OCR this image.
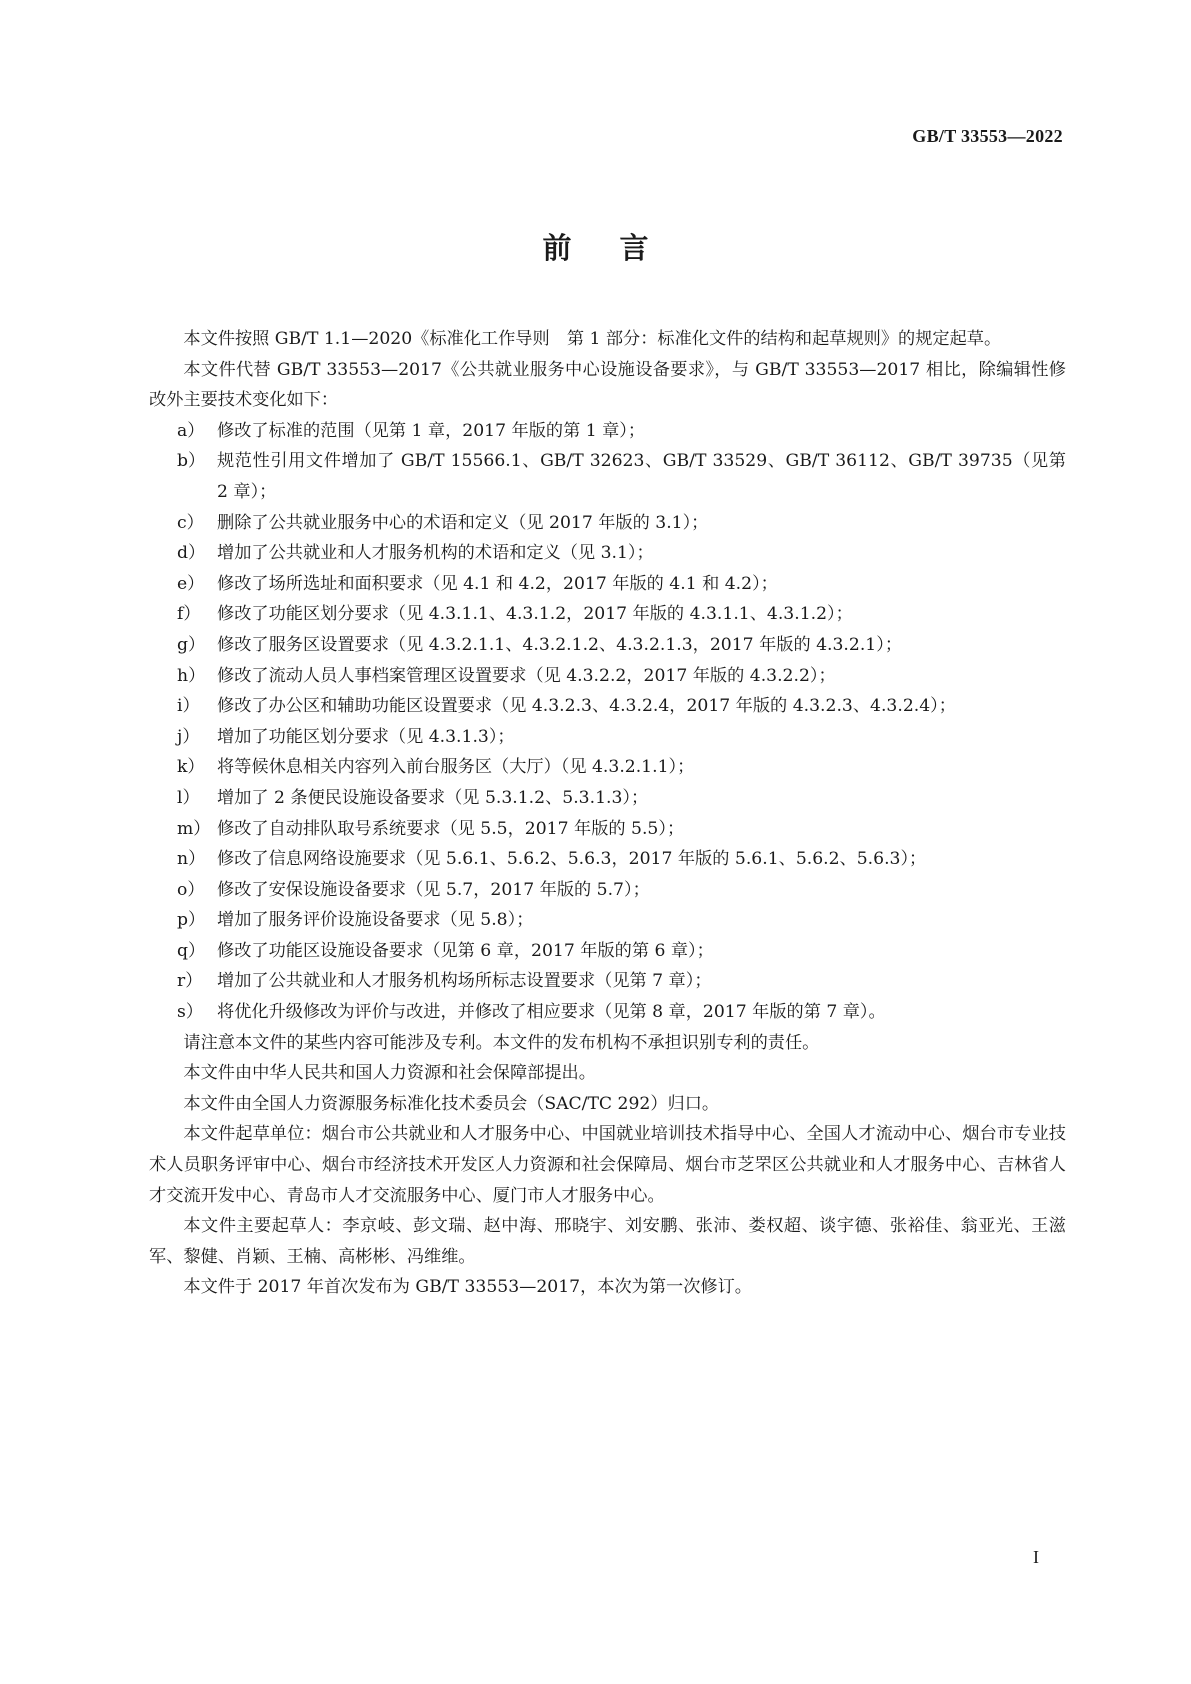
GB/T 33553—2022
前言

本文件按照 GB/T 1.1—2020《标准化工作导则　第 1 部分：标准化文件的结构和起草规则》的规定起草。

本文件代替 GB/T 33553—2017《公共就业服务中心设施设备要求》，与 GB/T 33553—2017 相比，除编辑性修改外主要技术变化如下：

a） 修改了标准的范围（见第 1 章，2017 年版的第 1 章）；
b） 规范性引用文件增加了 GB/T 15566.1、GB/T 32623、GB/T 33529、GB/T 36112、GB/T 39735（见第 2 章）；
c） 删除了公共就业服务中心的术语和定义（见 2017 年版的 3.1）；
d） 增加了公共就业和人才服务机构的术语和定义（见 3.1）；
e） 修改了场所选址和面积要求（见 4.1 和 4.2，2017 年版的 4.1 和 4.2）；
f） 修改了功能区划分要求（见 4.3.1.1、4.3.1.2，2017 年版的 4.3.1.1、4.3.1.2）；
g） 修改了服务区设置要求（见 4.3.2.1.1、4.3.2.1.2、4.3.2.1.3，2017 年版的 4.3.2.1）；
h） 修改了流动人员人事档案管理区设置要求（见 4.3.2.2，2017 年版的 4.3.2.2）；
i）	修改了办公区和辅助功能区设置要求（见 4.3.2.3、4.3.2.4，2017 年版的 4.3.2.3、4.3.2.4）；
j）	增加了功能区划分要求（见 4.3.1.3）；
k） 将等候休息相关内容列入前台服务区（大厅）（见 4.3.2.1.1）；
l）	增加了 2 条便民设施设备要求（见 5.3.1.2、5.3.1.3）；
m） 修改了自动排队取号系统要求（见 5.5，2017 年版的 5.5）；
n） 修改了信息网络设施要求（见 5.6.1、5.6.2、5.6.3，2017 年版的 5.6.1、5.6.2、5.6.3）；
o） 修改了安保设施设备要求（见 5.7，2017 年版的 5.7）；
p） 增加了服务评价设施设备要求（见 5.8）；
q） 修改了功能区设施设备要求（见第 6 章，2017 年版的第 6 章）；
r） 增加了公共就业和人才服务机构场所标志设置要求（见第 7 章）；
s） 将优化升级修改为评价与改进，并修改了相应要求（见第 8 章，2017 年版的第 7 章）。

请注意本文件的某些内容可能涉及专利。本文件的发布机构不承担识别专利的责任。

本文件由中华人民共和国人力资源和社会保障部提出。

本文件由全国人力资源服务标准化技术委员会（SAC/TC 292）归口。

本文件起草单位：烟台市公共就业和人才服务中心、中国就业培训技术指导中心、全国人才流动中心、烟台市专业技术人员职务评审中心、烟台市经济技术开发区人力资源和社会保障局、烟台市芝罘区公共就业和人才服务中心、吉林省人才交流开发中心、青岛市人才交流服务中心、厦门市人才服务中心。

本文件主要起草人：李京岐、彭文瑞、赵中海、邢晓宇、刘安鹏、张沛、娄权超、谈宇德、张裕佳、翁亚光、王滋军、黎健、肖颖、王楠、高彬彬、冯维维。

本文件于 2017 年首次发布为 GB/T 33553—2017，本次为第一次修订。

I
